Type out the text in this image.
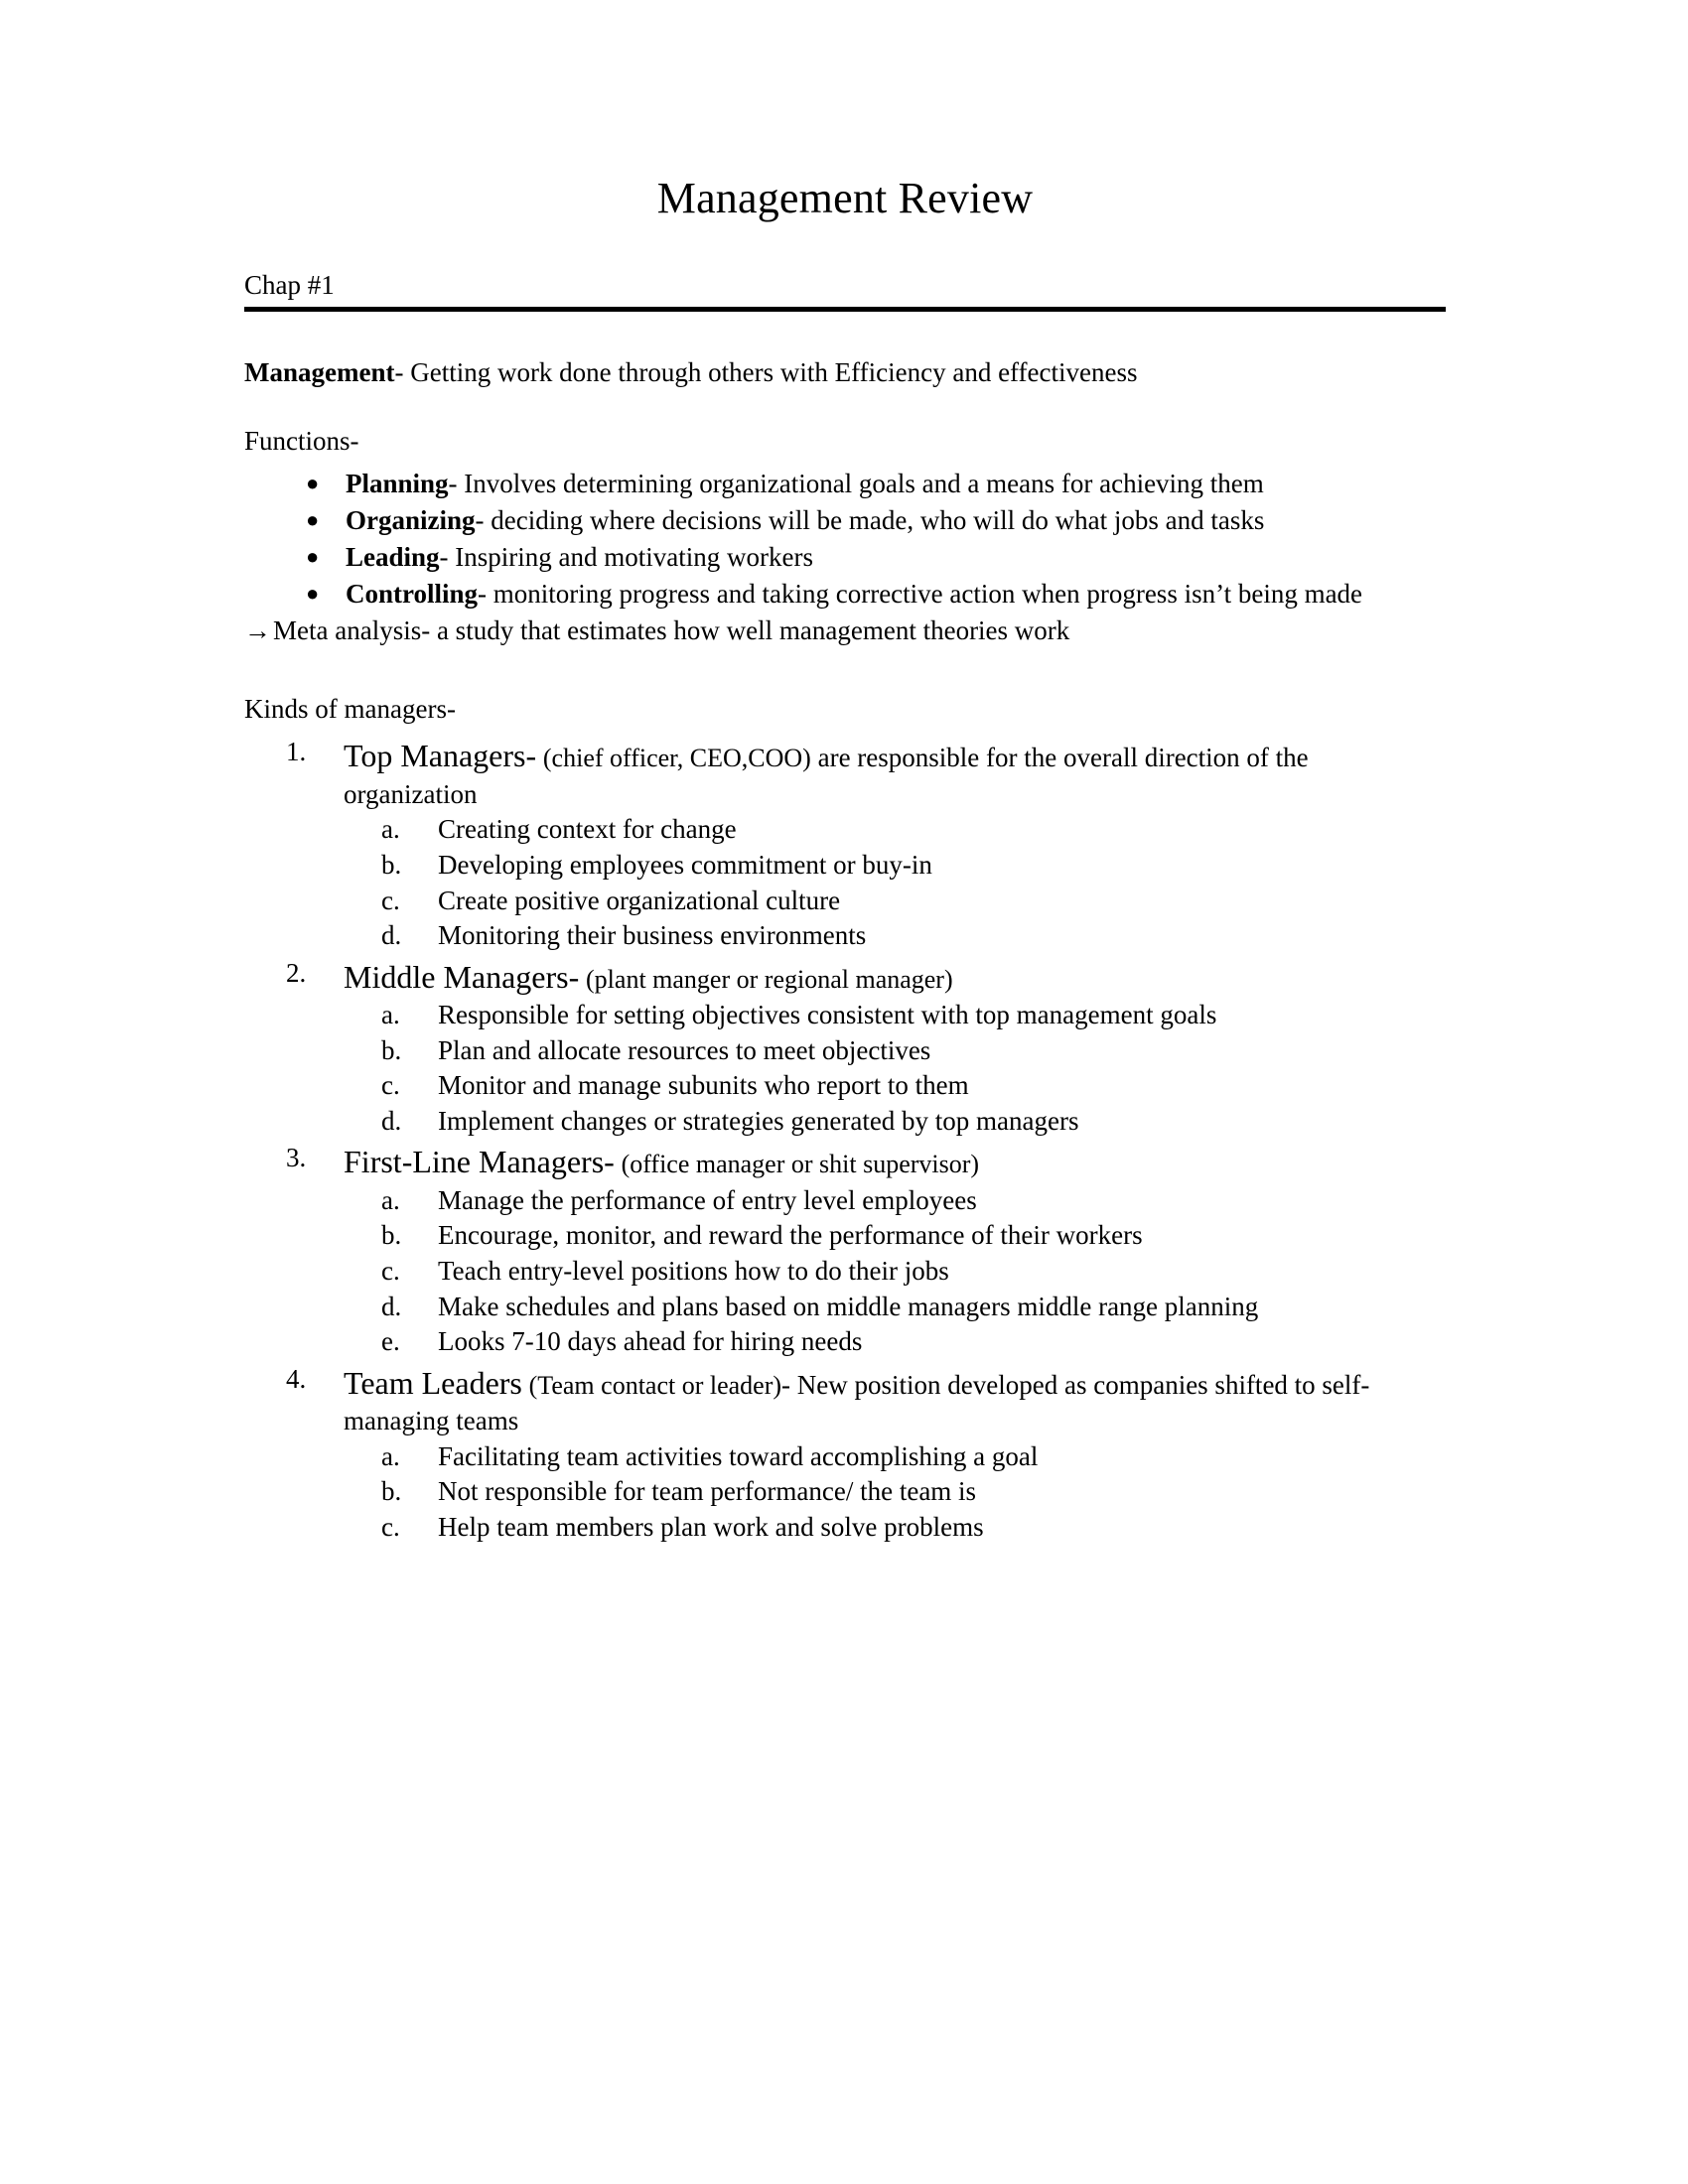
Management Review
Chap #1

Management- Getting work done through others with Efficiency and effectiveness

Functions-

● Planning- Involves determining organizational goals and a means for achieving them
● Organizing- deciding where decisions will be made, who will do what jobs and tasks
● Leading- Inspiring and motivating workers
● Controlling- monitoring progress and taking corrective action when progress isn’t being made

→ Meta analysis- a study that estimates how well management theories work

Kinds of managers-

1.	Top Managers- (chief officer, CEO,COO) are responsible for the overall direction of the organization

a.	Creating context for change
b.	Developing employees commitment or buy-in
c.	Create positive organizational culture
d.	Monitoring their business environments
2.	Middle Managers- (plant manger or regional manager)

a.	Responsible for setting objectives consistent with top management goals
b.	Plan and allocate resources to meet objectives
c.	Monitor and manage subunits who report to them
d.	Implement changes or strategies generated by top managers
3.	First-Line Managers- (office manager or shit supervisor)

a.	Manage the performance of entry level employees
b.	Encourage, monitor, and reward the performance of their workers
c.	Teach entry-level positions how to do their jobs
d.	Make schedules and plans based on middle managers middle range planning
e.	Looks 7-10 days ahead for hiring needs
4.	Team Leaders (Team contact or leader)- New position developed as companies shifted to self-managing teams

a.	Facilitating team activities toward accomplishing a goal
b.	Not responsible for team performance/ the team is
c.	Help team members plan work and solve problems
